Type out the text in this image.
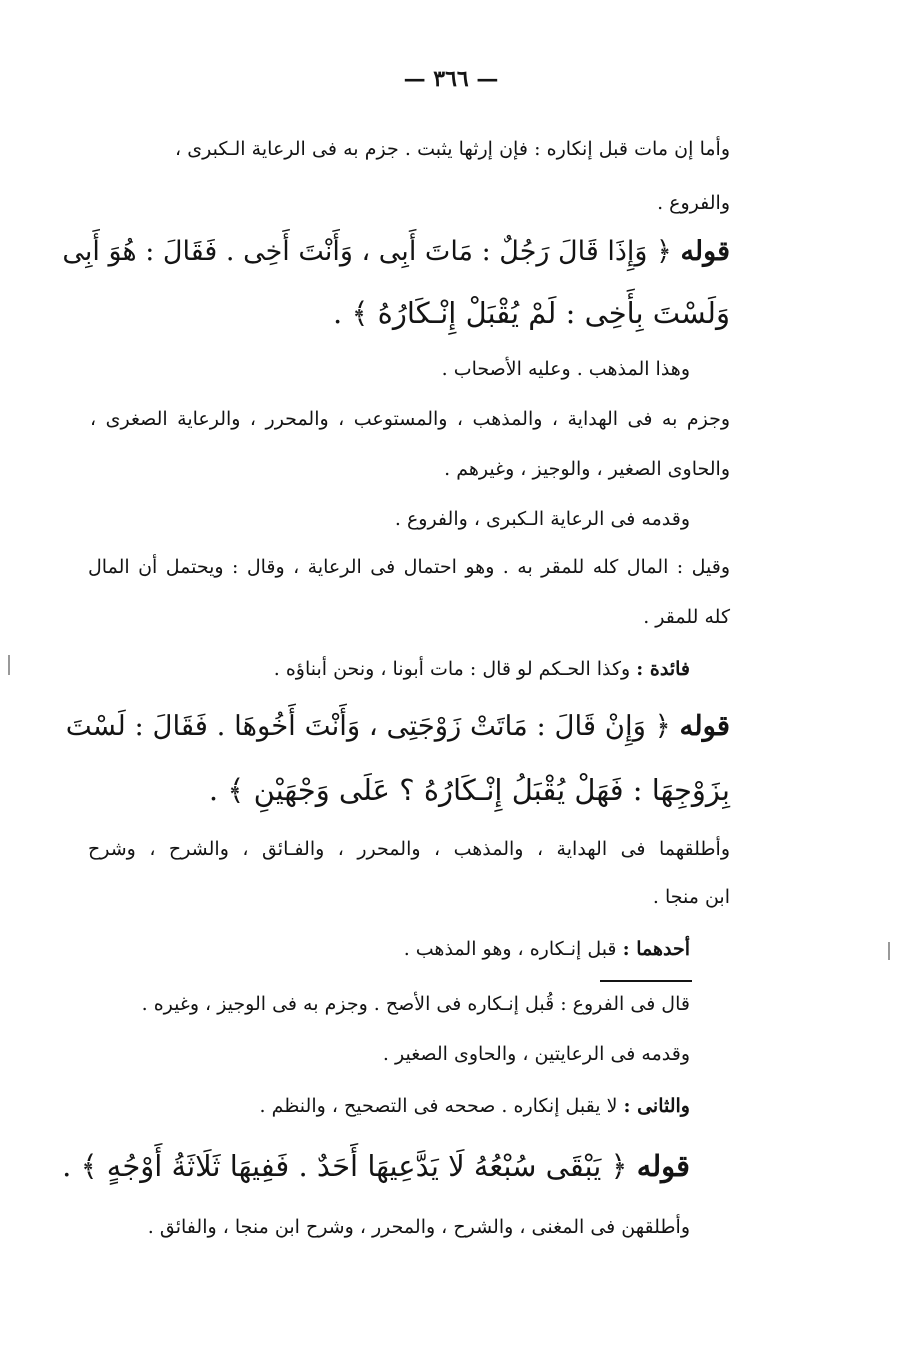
— ٣٦٦ —
وأما إن مات قبل إنكاره : فإن إرثها يثبت . جزم به فى الرعاية الـكبرى ،
والفروع .
قوله ﴿ وَإِذَا قَالَ رَجُلٌ : مَاتَ أَبِى ، وَأَنْتَ أَخِى . فَقَالَ : هُوَ أَبِى
وَلَسْتَ بِأَخِى : لَمْ يُقْبَلْ إِنْـكَارُهُ ﴾ .
وهذا المذهب . وعليه الأصحاب .
وجزم به فى الهداية ، والمذهب ، والمستوعب ، والمحرر ، والرعاية الصغرى ،
والحاوى الصغير ، والوجيز ، وغيرهم .
وقدمه فى الرعاية الـكبرى ، والفروع .
وقيل : المال كله للمقر به . وهو احتمال فى الرعاية ، وقال : ويحتمل أن المال
كله للمقر .
فائدة : وكذا الحـكم لو قال : مات أبونا ، ونحن أبناؤه .
قوله ﴿ وَإِنْ قَالَ : مَاتَتْ زَوْجَتِى ، وَأَنْتَ أَخُوهَا . فَقَالَ : لَسْتَ
بِزَوْجِهَا : فَهَلْ يُقْبَلُ إِنْـكَارُهُ ؟ عَلَى وَجْهَيْنِ ﴾ .
وأطلقهما فى الهداية ، والمذهب ، والمحرر ، والفـائق ، والشرح ، وشرح
ابن منجا .
أحدهما : قبل إنـكاره ، وهو المذهب .
قال فى الفروع : قُبل إنـكاره فى الأصح . وجزم به فى الوجيز ، وغيره .
وقدمه فى الرعايتين ، والحاوى الصغير .
والثانى : لا يقبل إنكاره . صححه فى التصحيح ، والنظم .
قوله ﴿ يَبْقَى سُبْعُهُ لَا يَدَّعِيهَا أَحَدٌ . فَفِيهَا ثَلَاثَةُ أَوْجُهٍ ﴾ .
وأطلقهن فى المغنى ، والشرح ، والمحرر ، وشرح ابن منجا ، والفائق .
